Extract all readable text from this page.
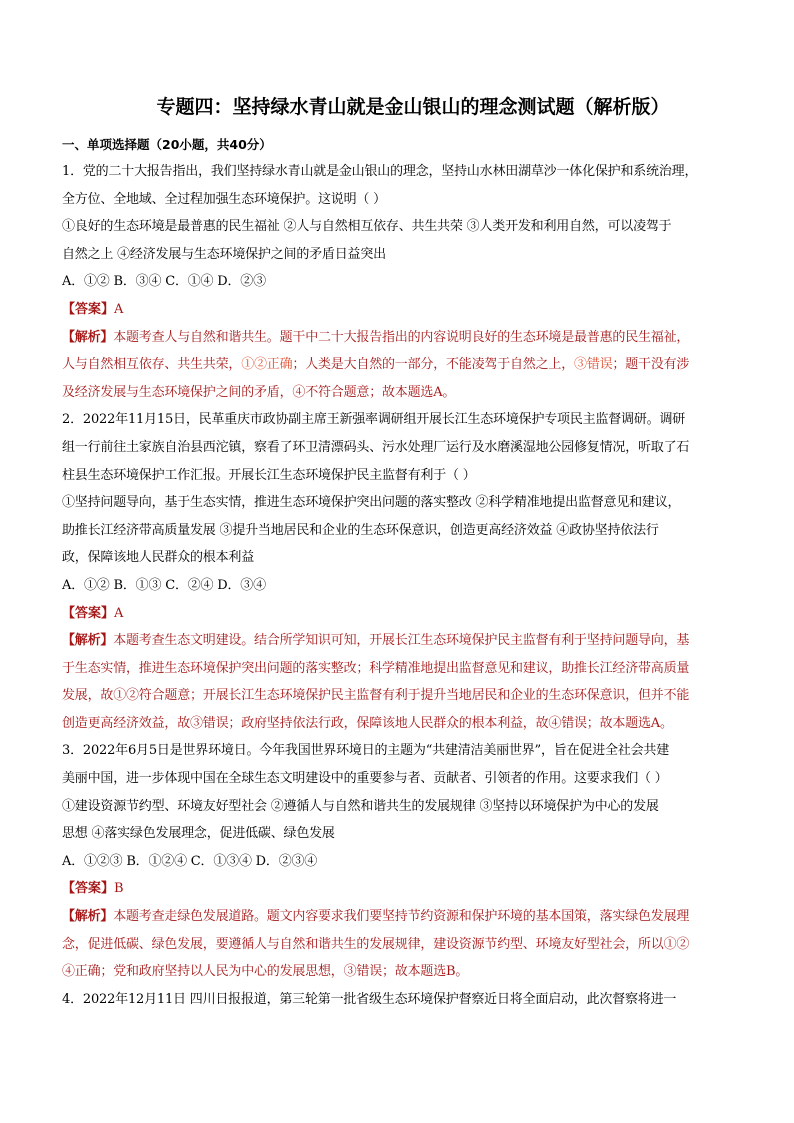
专题四：坚持绿水青山就是金山银山的理念测试题（解析版）
一、单项选择题（20小题，共40分）
1．党的二十大报告指出，我们坚持绿水青山就是金山银山的理念，坚持山水林田湖草沙一体化保护和系统治理，
全方位、全地域、全过程加强生态环境保护。这说明（ ）
①良好的生态环境是最普惠的民生福祉 ②人与自然相互依存、共生共荣 ③人类开发和利用自然，可以凌驾于
自然之上 ④经济发展与生态环境保护之间的矛盾日益突出
A．①② B．③④ C．①④ D．②③
【答案】A
【解析】本题考查人与自然和谐共生。题干中二十大报告指出的内容说明良好的生态环境是最普惠的民生福祉，
人与自然相互依存、共生共荣，①②正确；人类是大自然的一部分，不能凌驾于自然之上，③错误；题干没有涉
及经济发展与生态环境保护之间的矛盾，④不符合题意；故本题选A。
2．2022年11月15日，民革重庆市政协副主席王新强率调研组开展长江生态环境保护专项民主监督调研。调研
组一行前往土家族自治县西沱镇，察看了环卫清漂码头、污水处理厂运行及水磨溪湿地公园修复情况，听取了石
柱县生态环境保护工作汇报。开展长江生态环境保护民主监督有利于（ ）
①坚持问题导向，基于生态实情，推进生态环境保护突出问题的落实整改 ②科学精准地提出监督意见和建议，
助推长江经济带高质量发展 ③提升当地居民和企业的生态环保意识，创造更高经济效益 ④政协坚持依法行
政，保障该地人民群众的根本利益
A．①② B．①③ C．②④ D．③④
【答案】A
【解析】本题考查生态文明建设。结合所学知识可知，开展长江生态环境保护民主监督有利于坚持问题导向，基
于生态实情，推进生态环境保护突出问题的落实整改；科学精准地提出监督意见和建议，助推长江经济带高质量
发展，故①②符合题意；开展长江生态环境保护民主监督有利于提升当地居民和企业的生态环保意识，但并不能
创造更高经济效益，故③错误；政府坚持依法行政，保障该地人民群众的根本利益，故④错误；故本题选A。
3．2022年6月5日是世界环境日。今年我国世界环境日的主题为“共建清洁美丽世界”，旨在促进全社会共建
美丽中国，进一步体现中国在全球生态文明建设中的重要参与者、贡献者、引领者的作用。这要求我们（ ）
①建设资源节约型、环境友好型社会 ②遵循人与自然和谐共生的发展规律 ③坚持以环境保护为中心的发展
思想 ④落实绿色发展理念，促进低碳、绿色发展
A．①②③ B．①②④ C．①③④ D．②③④
【答案】B
【解析】本题考查走绿色发展道路。题文内容要求我们要坚持节约资源和保护环境的基本国策，落实绿色发展理
念，促进低碳、绿色发展，要遵循人与自然和谐共生的发展规律，建设资源节约型、环境友好型社会，所以①②
④正确；党和政府坚持以人民为中心的发展思想，③错误；故本题选B。
4．2022年12月11日 四川日报报道，第三轮第一批省级生态环境保护督察近日将全面启动，此次督察将进一
